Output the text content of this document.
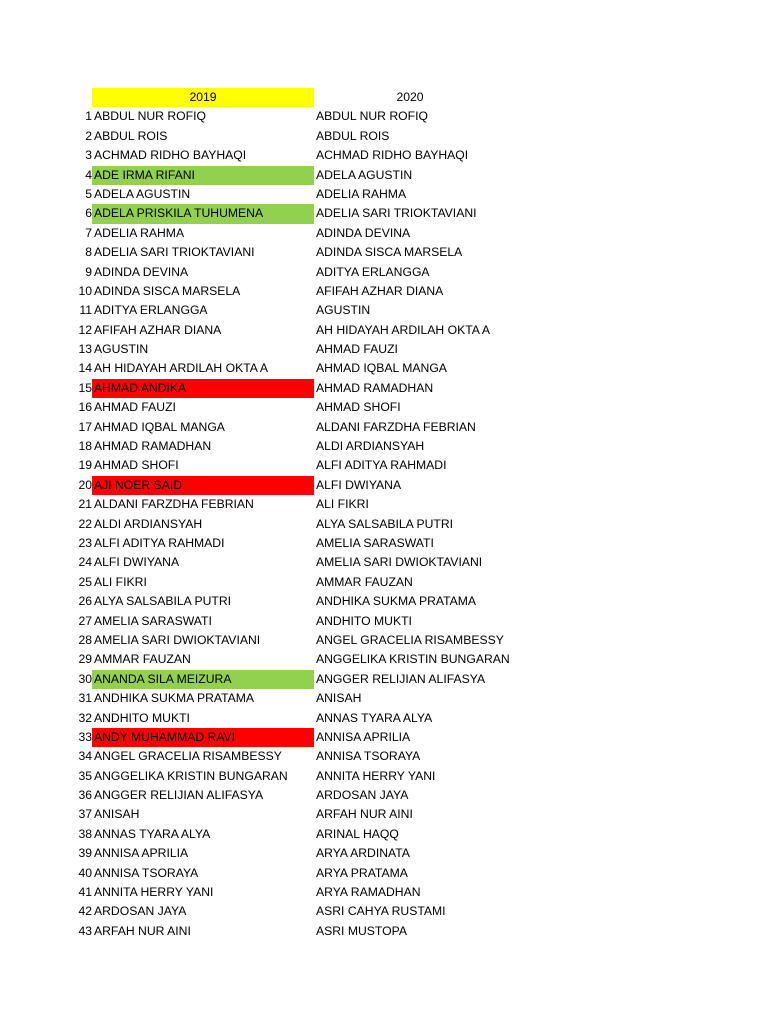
2019	2020
1 ABDUL NUR ROFIQ	ABDUL NUR ROFIQ
2 ABDUL ROIS	ABDUL ROIS
3 ACHMAD RIDHO BAYHAQI	ACHMAD RIDHO BAYHAQI
4 ADE IRMA RIFANI	ADELA AGUSTIN
5 ADELA AGUSTIN	ADELIA RAHMA
6 ADELA PRISKILA TUHUMENA	ADELIA SARI TRIOKTAVIANI
7 ADELIA RAHMA	ADINDA DEVINA
8 ADELIA SARI TRIOKTAVIANI	ADINDA SISCA MARSELA
9 ADINDA DEVINA	ADITYA ERLANGGA
10 ADINDA SISCA MARSELA	AFIFAH AZHAR DIANA
11 ADITYA ERLANGGA	AGUSTIN
12 AFIFAH AZHAR DIANA	AH HIDAYAH ARDILAH OKTA A
13 AGUSTIN	AHMAD FAUZI
14 AH HIDAYAH ARDILAH OKTA A	AHMAD IQBAL MANGA
15 AHMAD ANDIKA	AHMAD RAMADHAN
16 AHMAD FAUZI	AHMAD SHOFI
17 AHMAD IQBAL MANGA	ALDANI FARZDHA FEBRIAN
18 AHMAD RAMADHAN	ALDI ARDIANSYAH
19 AHMAD SHOFI	ALFI ADITYA RAHMADI
20 AJI NOER SAID	ALFI DWIYANA
21 ALDANI FARZDHA FEBRIAN	ALI FIKRI
22 ALDI ARDIANSYAH	ALYA SALSABILA PUTRI
23 ALFI ADITYA RAHMADI	AMELIA SARASWATI
24 ALFI DWIYANA	AMELIA SARI DWIOKTAVIANI
25 ALI FIKRI	AMMAR FAUZAN
26 ALYA SALSABILA PUTRI	ANDHIKA SUKMA PRATAMA
27 AMELIA SARASWATI	ANDHITO MUKTI
28 AMELIA SARI DWIOKTAVIANI	ANGEL GRACELIA RISAMBESSY
29 AMMAR FAUZAN	ANGGELIKA KRISTIN BUNGARAN
30 ANANDA SILA MEIZURA	ANGGER RELIJIAN ALIFASYA
31 ANDHIKA SUKMA PRATAMA	ANISAH
32 ANDHITO MUKTI	ANNAS TYARA ALYA
33 ANDY MUHAMMAD RAVI	ANNISA APRILIA
34 ANGEL GRACELIA RISAMBESSY	ANNISA TSORAYA
35 ANGGELIKA KRISTIN BUNGARAN	ANNITA HERRY YANI
36 ANGGER RELIJIAN ALIFASYA	ARDOSAN JAYA
37 ANISAH	ARFAH NUR AINI
38 ANNAS TYARA ALYA	ARINAL HAQQ
39 ANNISA APRILIA	ARYA ARDINATA
40 ANNISA TSORAYA	ARYA PRATAMA
41 ANNITA HERRY YANI	ARYA RAMADHAN
42 ARDOSAN JAYA	ASRI CAHYA RUSTAMI
43 ARFAH NUR AINI	ASRI MUSTOPA
